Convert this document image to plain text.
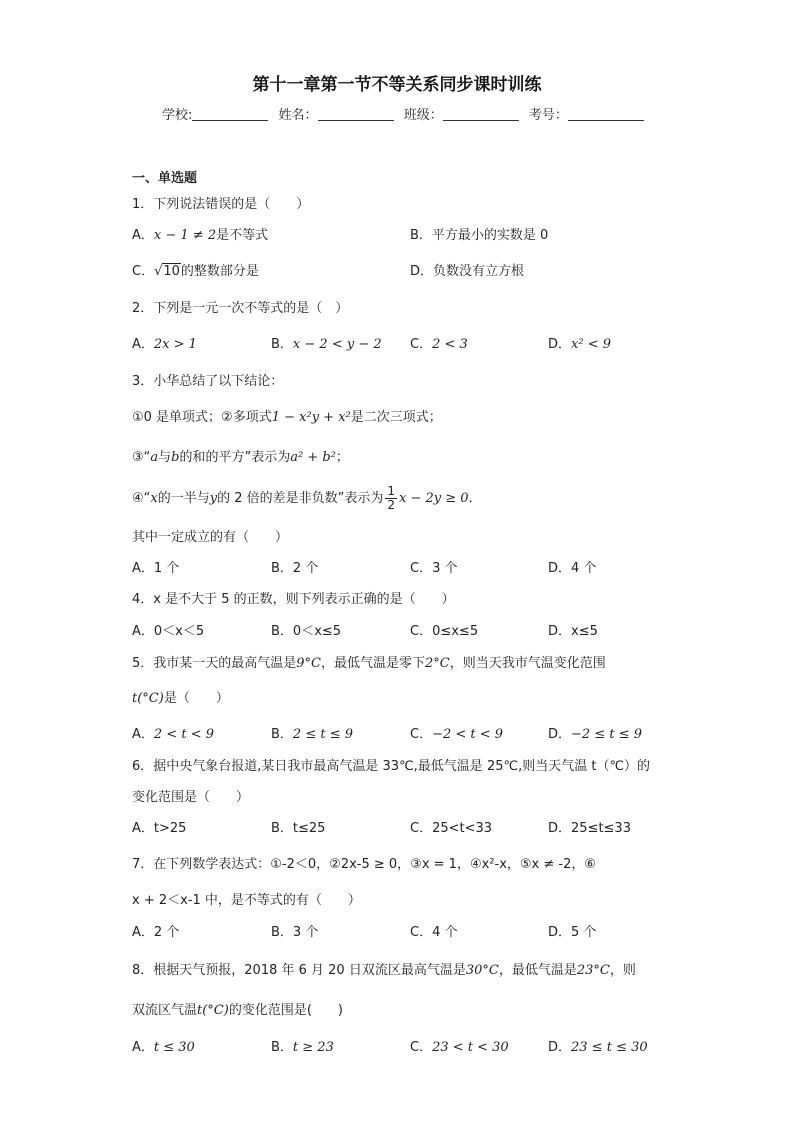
第十一章第一节不等关系同步课时训练
学校:	姓名：	班级：	考号：
一、单选题
1．下列说法错误的是（　　）
A．x − 1 ≠ 2是不等式	B．平方最小的实数是 0
C．√10的整数部分是	D．负数没有立方根
2．下列是一元一次不等式的是（　）
A．2x > 1	B．x − 2 < y − 2 C．2 < 3	D．x² < 9
3．小华总结了以下结论：
①0 是单项式；②多项式1 − x²y + x²是二次三项式；
③“a与b的和的平方”表示为a² + b²；
④“x的一半与y的 2 倍的差是非负数”表示为 $\frac{1}{2}$ x − 2y ≥ 0．
其中一定成立的有（　　）
A．1 个	B．2 个	C．3 个	D．4 个
4．x 是不大于 5 的正数，则下列表示正确的是（　　）
A．0＜x＜5	B．0＜x≤5	C．0≤x≤5	D．x≤5
5．我市某一天的最高气温是9°C，最低气温是零下2°C，则当天我市气温变化范围
t(°C)是（　　）
A．2 < t < 9	B．2 ≤ t ≤ 9	C．−2 < t < 9	D．−2 ≤ t ≤ 9
6．据中央气象台报道,某日我市最高气温是 33℃,最低气温是 25℃,则当天气温 t（℃）的
变化范围是（　　）
A．t>25	B．t≤25	C．25<t<33	D．25≤t≤33
7．在下列数学表达式：①-2＜0，②2x-5 ≥ 0，③x = 1，④x²-x，⑤x ≠ -2，⑥
x + 2＜x-1 中，是不等式的有（　　）
A．2 个	B．3 个	C．4 个	D．5 个
8．根据天气预报，2018 年 6 月 20 日双流区最高气温是30°C，最低气温是23°C，则
双流区气温t(°C)的变化范围是(　　)
A．t ≤ 30	B．t ≥ 23	C．23 < t < 30	D．23 ≤ t ≤ 30
